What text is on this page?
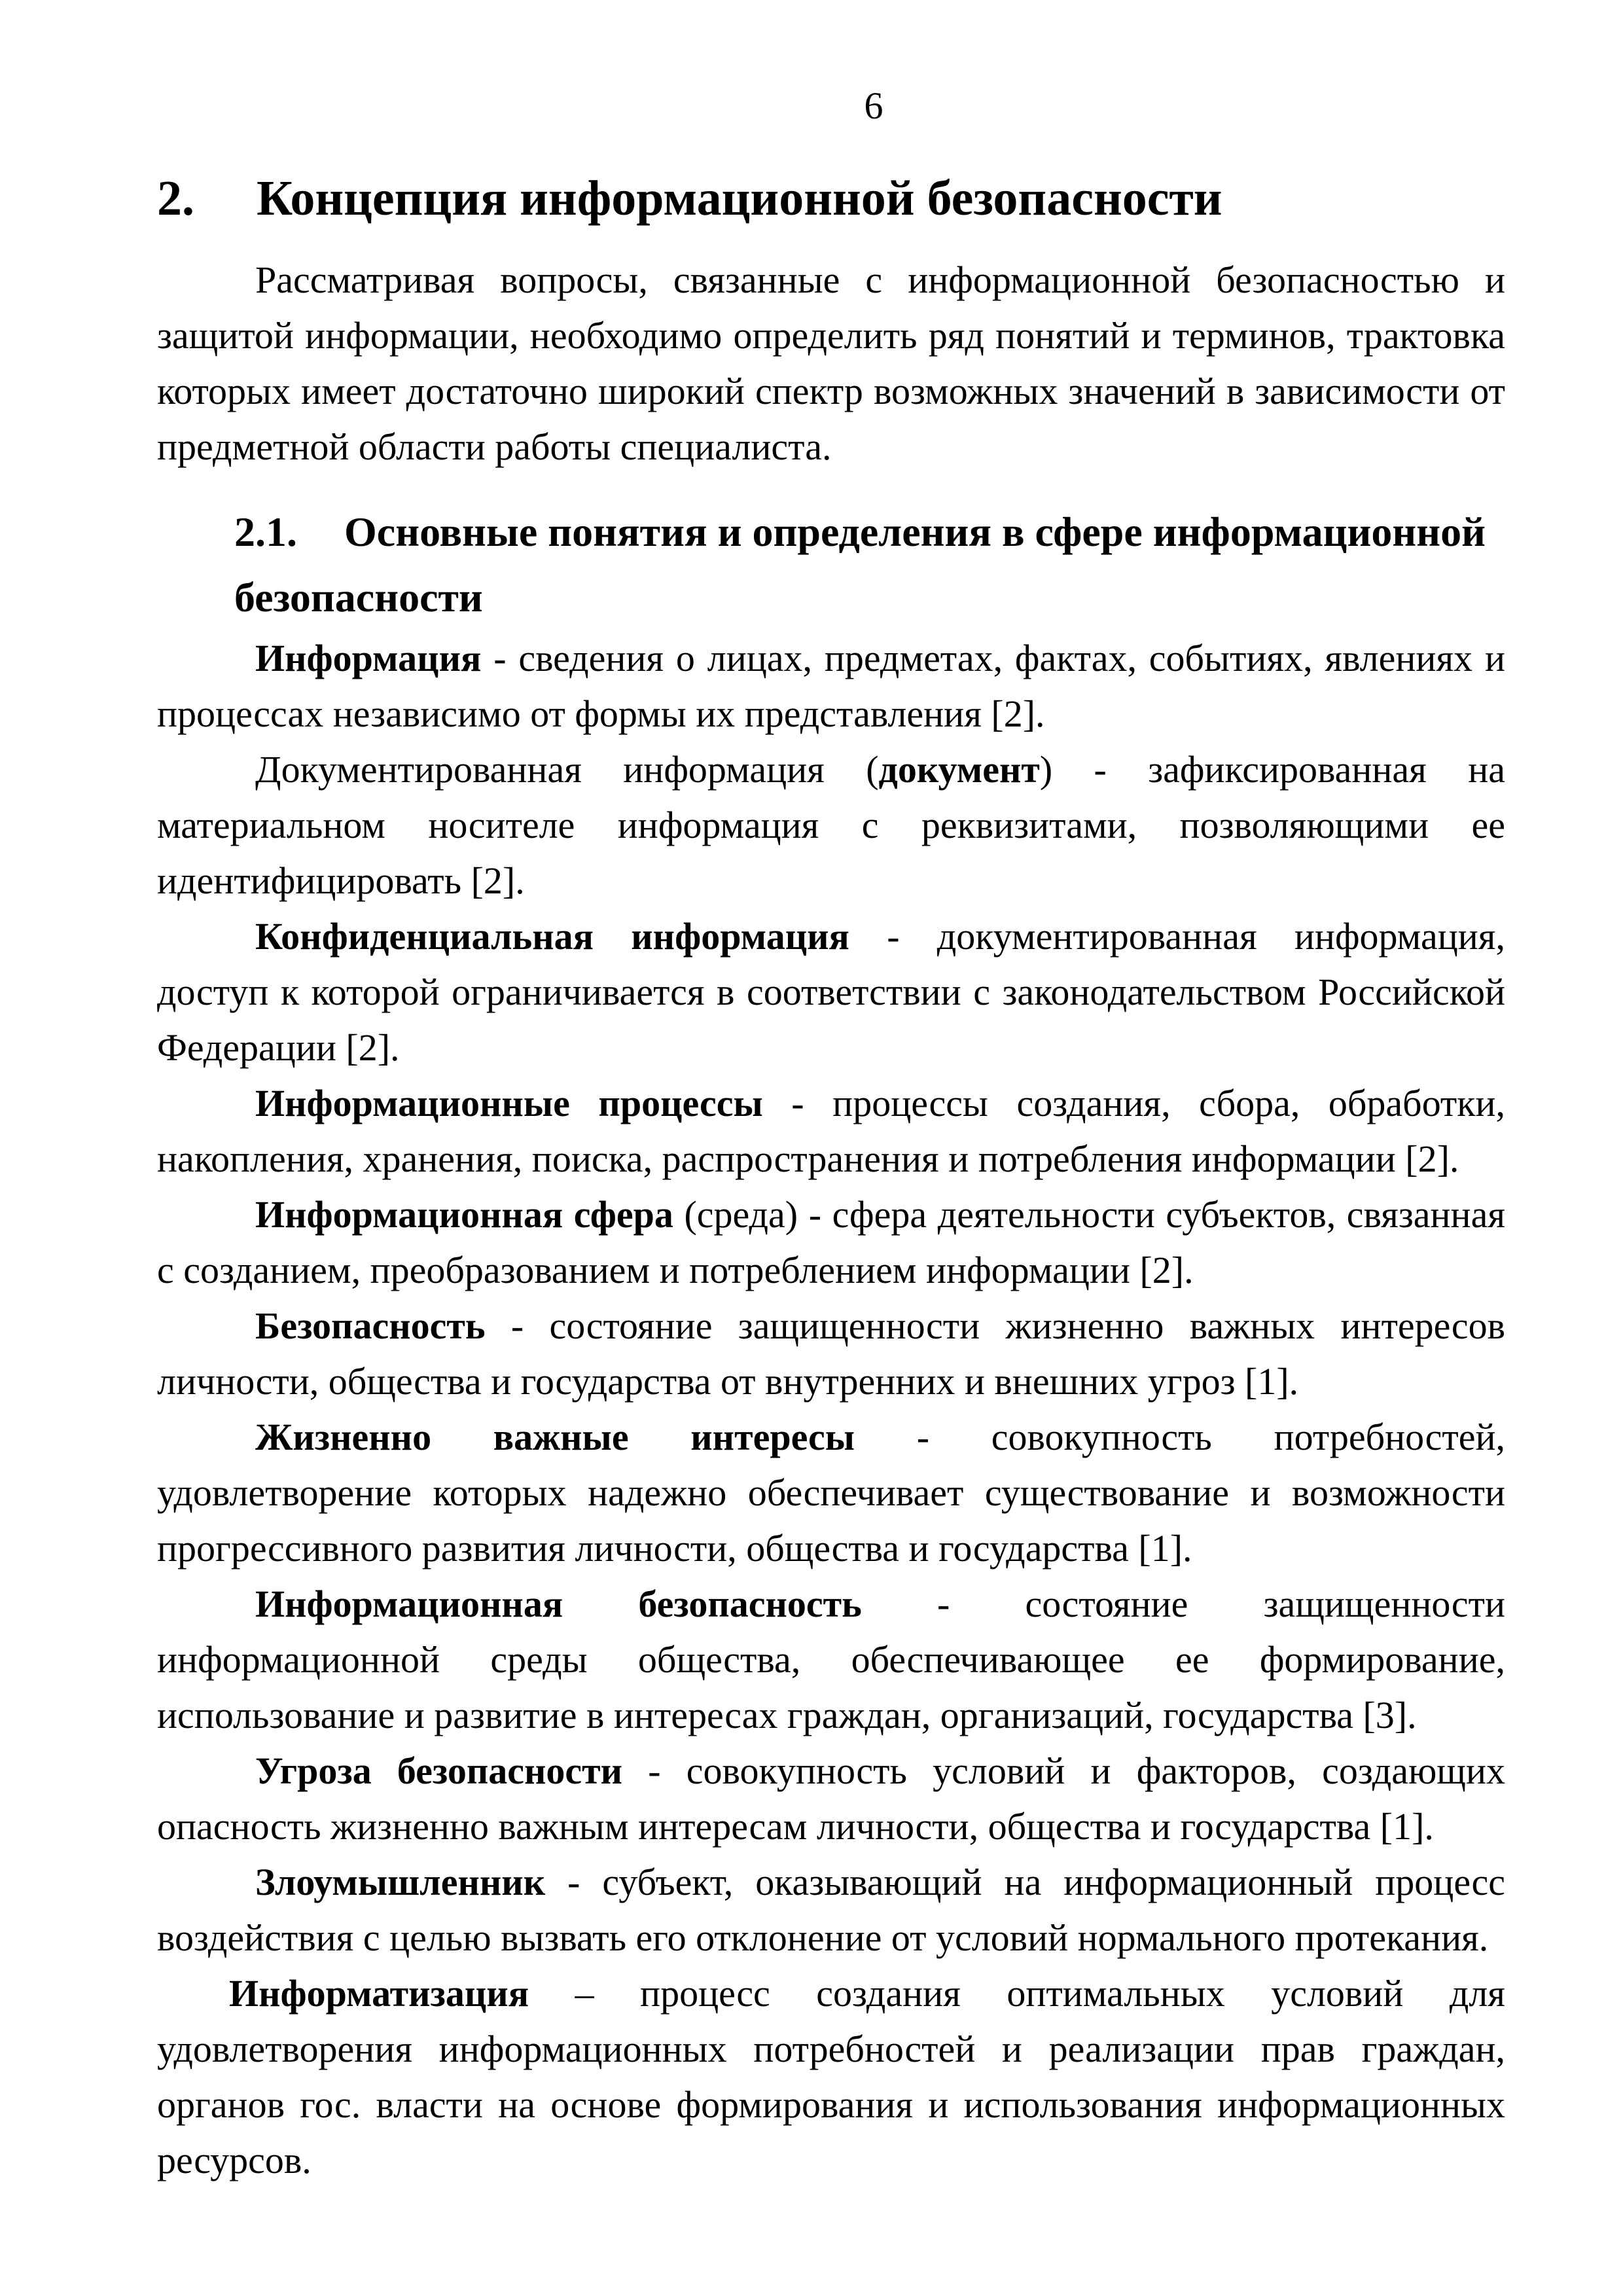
6
2. Концепция информационной безопасности

Рассматривая вопросы, связанные с информационной безопасностью и защитой информации, необходимо определить ряд понятий и терминов, трактовка которых имеет достаточно широкий спектр возможных значений в зависимости от предметной области работы специалиста.

2.1. Основные понятия и определения в сфере информационной безопасности

Информация - сведения о лицах, предметах, фактах, событиях, явлениях и процессах независимо от формы их представления [2].

Документированная информация (документ) - зафиксированная на материальном носителе информация с реквизитами, позволяющими ее идентифицировать [2].

Конфиденциальная информация - документированная информация, доступ к которой ограничивается в соответствии с законодательством Российской Федерации [2].

Информационные процессы - процессы создания, сбора, обработки, накопления, хранения, поиска, распространения и потребления информации [2].

Информационная сфера (среда) - сфера деятельности субъектов, связанная с созданием, преобразованием и потреблением информации [2].

Безопасность - состояние защищенности жизненно важных интересов личности, общества и государства от внутренних и внешних угроз [1].

Жизненно важные интересы - совокупность потребностей, удовлетворение которых надежно обеспечивает существование и возможности прогрессивного развития личности, общества и государства [1].

Информационная безопасность - состояние защищенности информационной среды общества, обеспечивающее ее формирование, использование и развитие в интересах граждан, организаций, государства [3].

Угроза безопасности - совокупность условий и факторов, создающих опасность жизненно важным интересам личности, общества и государства [1].

Злоумышленник - субъект, оказывающий на информационный процесс воздействия с целью вызвать его отклонение от условий нормального протекания.

Информатизация – процесс создания оптимальных условий для удовлетворения информационных потребностей и реализации прав граждан, органов гос. власти на основе формирования и использования информационных ресурсов.
